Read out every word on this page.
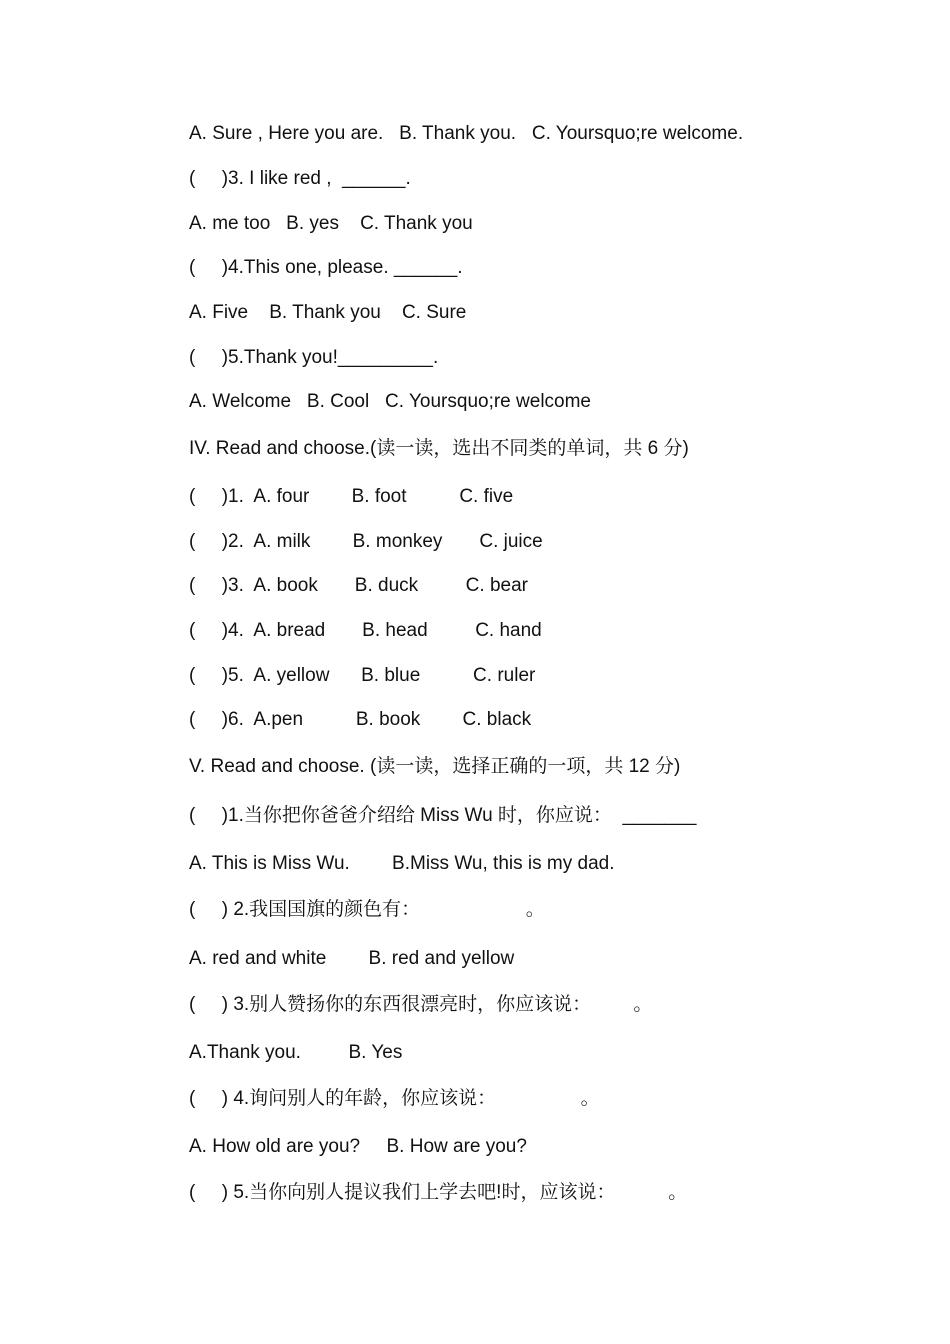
A. Sure , Here you are.   B. Thank you.   C. Yoursquo;re welcome.
(     )3. I like red ,  ______.
A. me too   B. yes    C. Thank you
(     )4.This one, please. ______.
A. Five    B. Thank you    C. Sure
(     )5.Thank you!_________.
A. Welcome   B. Cool   C. Yoursquo;re welcome
IV. Read and choose.(读一读，选出不同类的单词，共 6 分)
(     )1.  A. four        B. foot          C. five
(     )2.  A. milk        B. monkey       C. juice
(     )3.  A. book       B. duck         C. bear
(     )4.  A. bread       B. head         C. hand
(     )5.  A. yellow      B. blue          C. ruler
(     )6.  A.pen          B. book        C. black
V. Read and choose. (读一读，选择正确的一项，共 12 分)
(     )1.当你把你爸爸介绍给 Miss Wu 时，你应说：  _______
A. This is Miss Wu.        B.Miss Wu, this is my dad.
(     ) 2.我国国旗的颜色有：                    。
A. red and white        B. red and yellow
(     ) 3.别人赞扬你的东西很漂亮时，你应该说：        。
A.Thank you.         B. Yes
(     ) 4.询问别人的年龄，你应该说：                。
A. How old are you?     B. How are you?
(     ) 5.当你向别人提议我们上学去吧!时，应该说：          。
